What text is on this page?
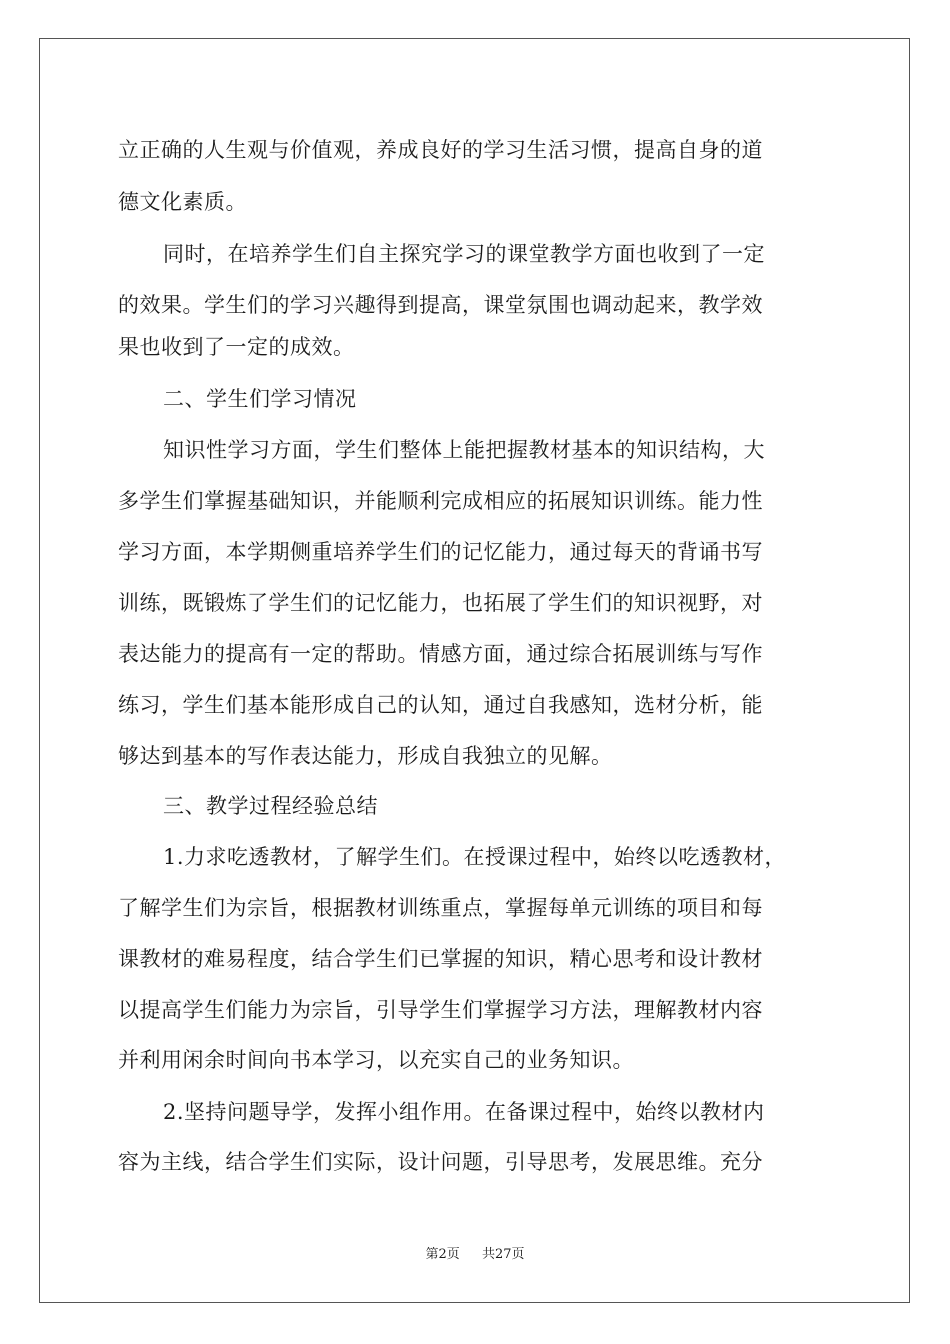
立正确的人生观与价值观，养成良好的学习生活习惯，提高自身的道
德文化素质。
同时，在培养学生们自主探究学习的课堂教学方面也收到了一定
的效果。学生们的学习兴趣得到提高，课堂氛围也调动起来，教学效
果也收到了一定的成效。
二、学生们学习情况
知识性学习方面，学生们整体上能把握教材基本的知识结构，大
多学生们掌握基础知识，并能顺利完成相应的拓展知识训练。能力性
学习方面，本学期侧重培养学生们的记忆能力，通过每天的背诵书写
训练，既锻炼了学生们的记忆能力，也拓展了学生们的知识视野，对
表达能力的提高有一定的帮助。情感方面，通过综合拓展训练与写作
练习，学生们基本能形成自己的认知，通过自我感知，选材分析，能
够达到基本的写作表达能力，形成自我独立的见解。
三、教学过程经验总结
1.力求吃透教材，了解学生们。在授课过程中，始终以吃透教材，
了解学生们为宗旨，根据教材训练重点，掌握每单元训练的项目和每
课教材的难易程度，结合学生们已掌握的知识，精心思考和设计教材
以提高学生们能力为宗旨，引导学生们掌握学习方法，理解教材内容
并利用闲余时间向书本学习，以充实自己的业务知识。
2.坚持问题导学，发挥小组作用。在备课过程中，始终以教材内
容为主线，结合学生们实际，设计问题，引导思考，发展思维。充分
第2页 共27页
